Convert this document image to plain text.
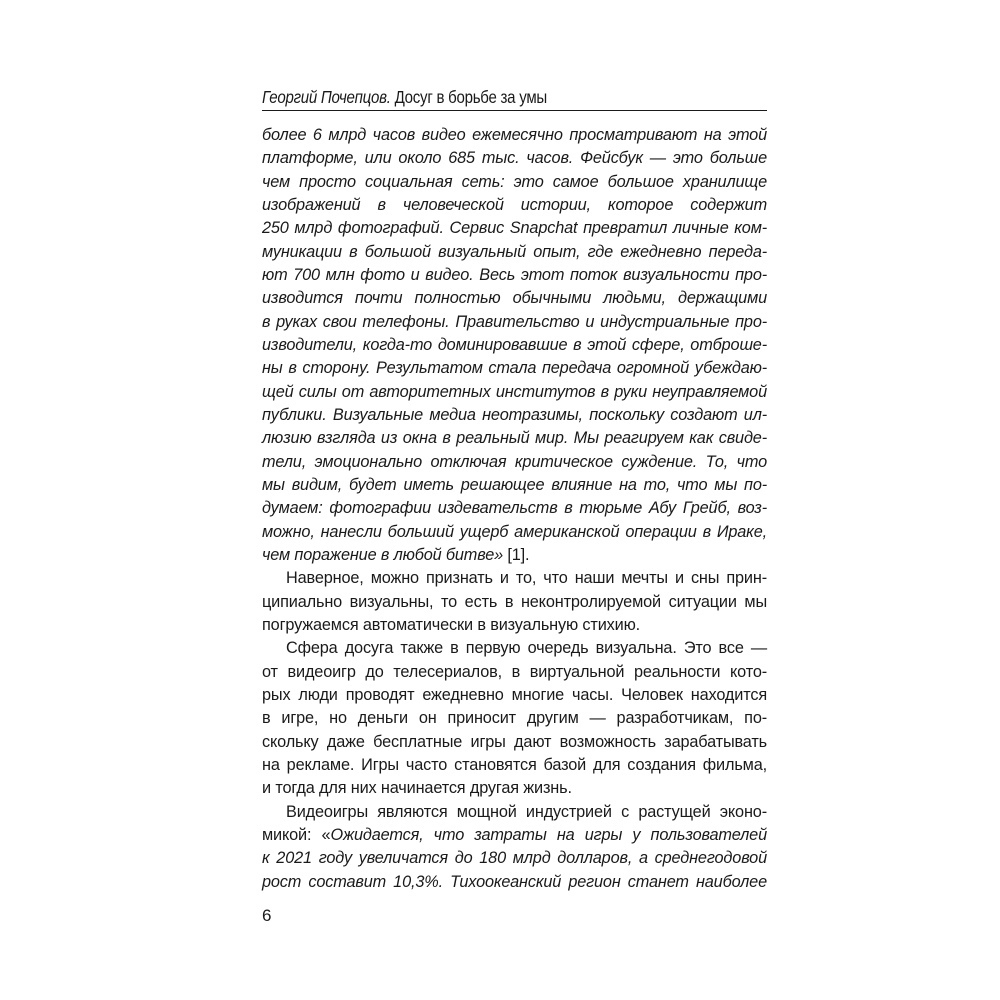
Георгий Почепцов. Досуг в борьбе за умы
более 6 млрд часов видео ежемесячно просматривают на этой
платформе, или около 685 тыс. часов. Фейсбук — это больше
чем просто социальная сеть: это самое большое хранилище
изображений в человеческой истории, которое содержит
250 млрд фотографий. Сервис Snapchat превратил личные ком-
муникации в большой визуальный опыт, где ежедневно переда-
ют 700 млн фото и видео. Весь этот поток визуальности про-
изводится почти полностью обычными людьми, держащими
в руках свои телефоны. Правительство и индустриальные про-
изводители, когда-то доминировавшие в этой сфере, отброше-
ны в сторону. Результатом стала передача огромной убеждаю-
щей силы от авторитетных институтов в руки неуправляемой
публики. Визуальные медиа неотразимы, поскольку создают ил-
люзию взгляда из окна в реальный мир. Мы реагируем как свиде-
тели, эмоционально отключая критическое суждение. То, что
мы видим, будет иметь решающее влияние на то, что мы по-
думаем: фотографии издевательств в тюрьме Абу Грейб, воз-
можно, нанесли больший ущерб американской операции в Ираке,
чем поражение в любой битве» [1].
Наверное, можно признать и то, что наши мечты и сны прин-
ципиально визуальны, то есть в неконтролируемой ситуации мы
погружаемся автоматически в визуальную стихию.
Сфера досуга также в первую очередь визуальна. Это все —
от видеоигр до телесериалов, в виртуальной реальности кото-
рых люди проводят ежедневно многие часы. Человек находится
в игре, но деньги он приносит другим — разработчикам, по-
скольку даже бесплатные игры дают возможность зарабатывать
на рекламе. Игры часто становятся базой для создания фильма,
и тогда для них начинается другая жизнь.
Видеоигры являются мощной индустрией с растущей эконо-
микой: «Ожидается, что затраты на игры у пользователей
к 2021 году увеличатся до 180 млрд долларов, а среднегодовой
рост составит 10,3%. Тихоокеанский регион станет наиболее
6
